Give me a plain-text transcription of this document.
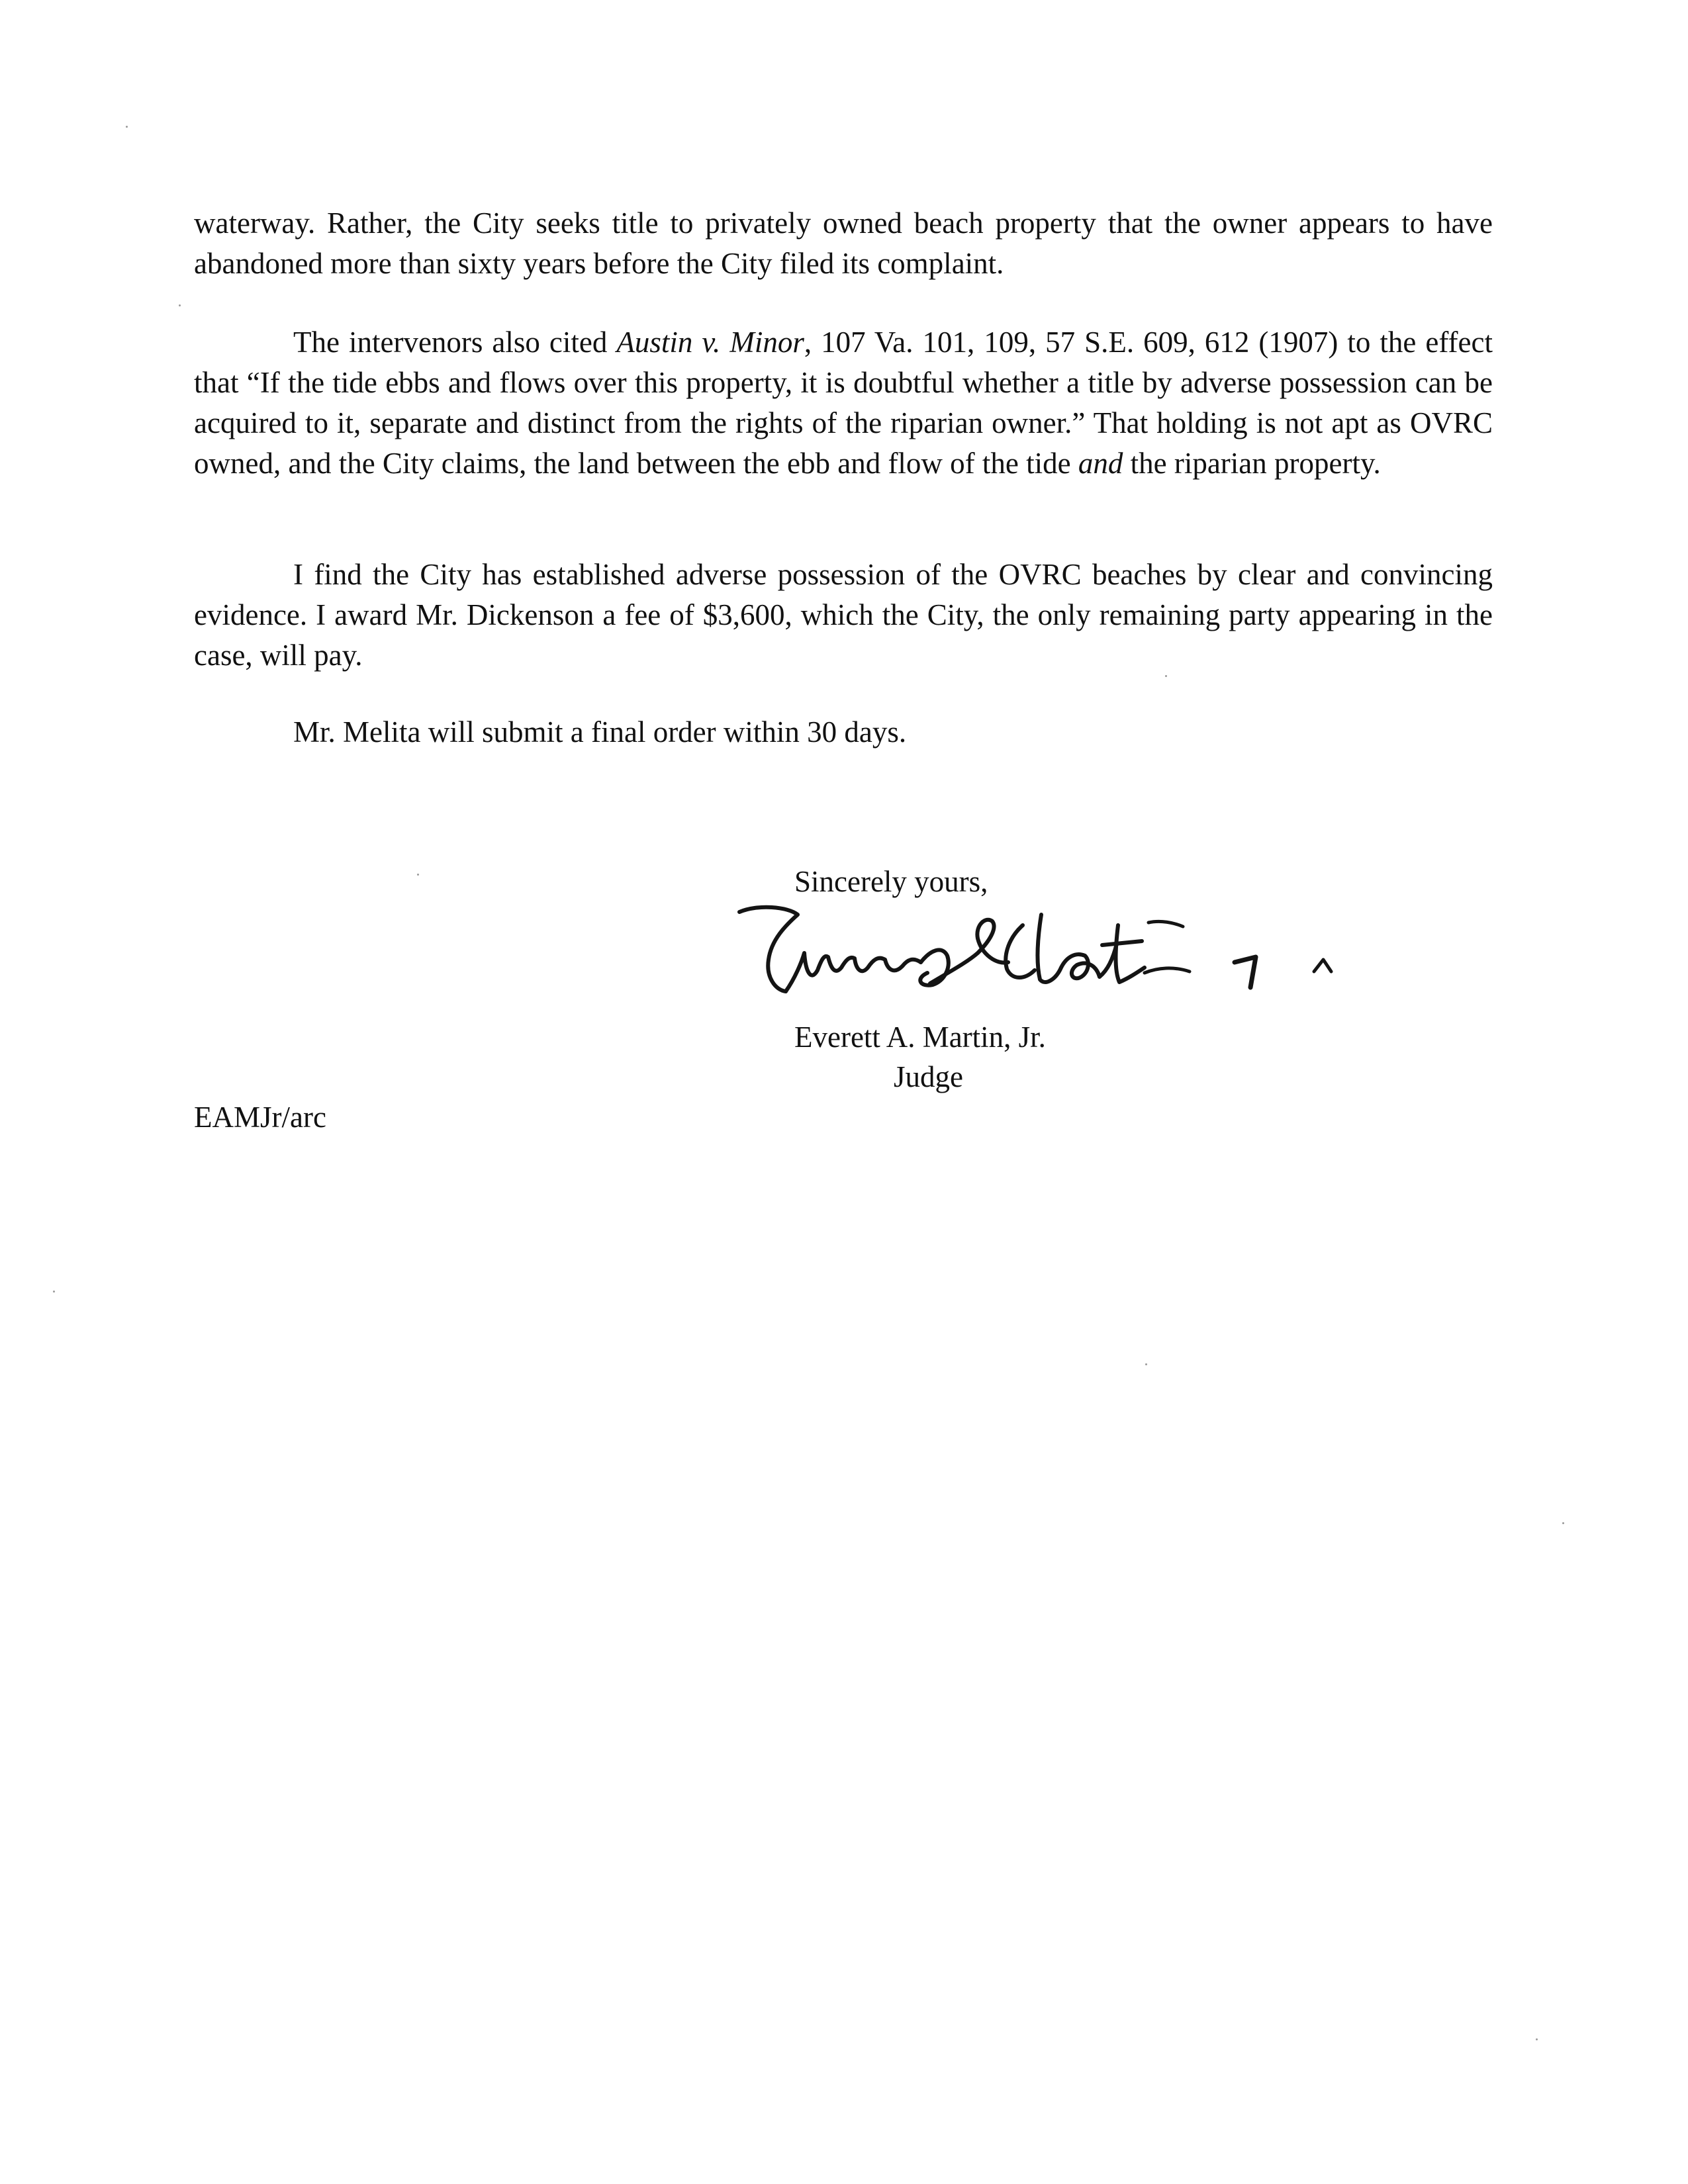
waterway. Rather, the City seeks title to privately owned beach property that the owner appears to have abandoned more than sixty years before the City filed its complaint.

The intervenors also cited Austin v. Minor, 107 Va. 101, 109, 57 S.E. 609, 612 (1907) to the effect that “If the tide ebbs and flows over this property, it is doubtful whether a title by adverse possession can be acquired to it, separate and distinct from the rights of the riparian owner.” That holding is not apt as OVRC owned, and the City claims, the land between the ebb and flow of the tide and the riparian property.

I find the City has established adverse possession of the OVRC beaches by clear and convincing evidence. I award Mr. Dickenson a fee of $3,600, which the City, the only remaining party appearing in the case, will pay.

Mr. Melita will submit a final order within 30 days.

Sincerely yours,

Everett A. Martin, Jr.

Judge

EAMJr/arc
